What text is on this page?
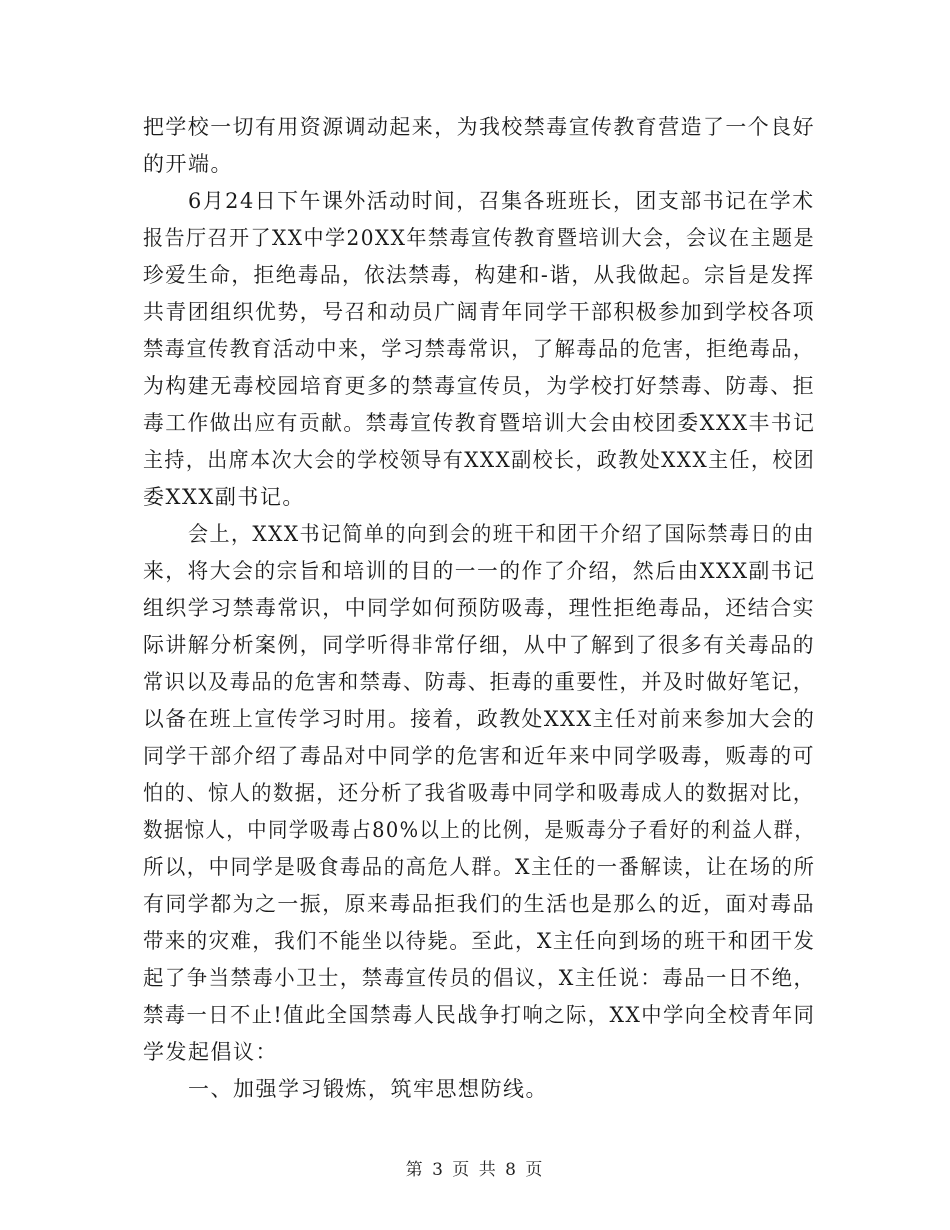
把学校一切有用资源调动起来，为我校禁毒宣传教育营造了一个良好
的开端。
6月24日下午课外活动时间，召集各班班长，团支部书记在学术
报告厅召开了XX中学20XX年禁毒宣传教育暨培训大会，会议在主题是
珍爱生命，拒绝毒品，依法禁毒，构建和-谐，从我做起。宗旨是发挥
共青团组织优势，号召和动员广阔青年同学干部积极参加到学校各项
禁毒宣传教育活动中来，学习禁毒常识，了解毒品的危害，拒绝毒品，
为构建无毒校园培育更多的禁毒宣传员，为学校打好禁毒、防毒、拒
毒工作做出应有贡献。禁毒宣传教育暨培训大会由校团委XXX丰书记
主持，出席本次大会的学校领导有XXX副校长，政教处XXX主任，校团
委XXX副书记。
会上，XXX书记简单的向到会的班干和团干介绍了国际禁毒日的由
来，将大会的宗旨和培训的目的一一的作了介绍，然后由XXX副书记
组织学习禁毒常识，中同学如何预防吸毒，理性拒绝毒品，还结合实
际讲解分析案例，同学听得非常仔细，从中了解到了很多有关毒品的
常识以及毒品的危害和禁毒、防毒、拒毒的重要性，并及时做好笔记，
以备在班上宣传学习时用。接着，政教处XXX主任对前来参加大会的
同学干部介绍了毒品对中同学的危害和近年来中同学吸毒，贩毒的可
怕的、惊人的数据，还分析了我省吸毒中同学和吸毒成人的数据对比，
数据惊人，中同学吸毒占80%以上的比例，是贩毒分子看好的利益人群，
所以，中同学是吸食毒品的高危人群。X主任的一番解读，让在场的所
有同学都为之一振，原来毒品拒我们的生活也是那么的近，面对毒品
带来的灾难，我们不能坐以待毙。至此，X主任向到场的班干和团干发
起了争当禁毒小卫士，禁毒宣传员的倡议，X主任说：毒品一日不绝，
禁毒一日不止!值此全国禁毒人民战争打响之际，XX中学向全校青年同
学发起倡议：
一、加强学习锻炼，筑牢思想防线。
第 3 页 共 8 页
